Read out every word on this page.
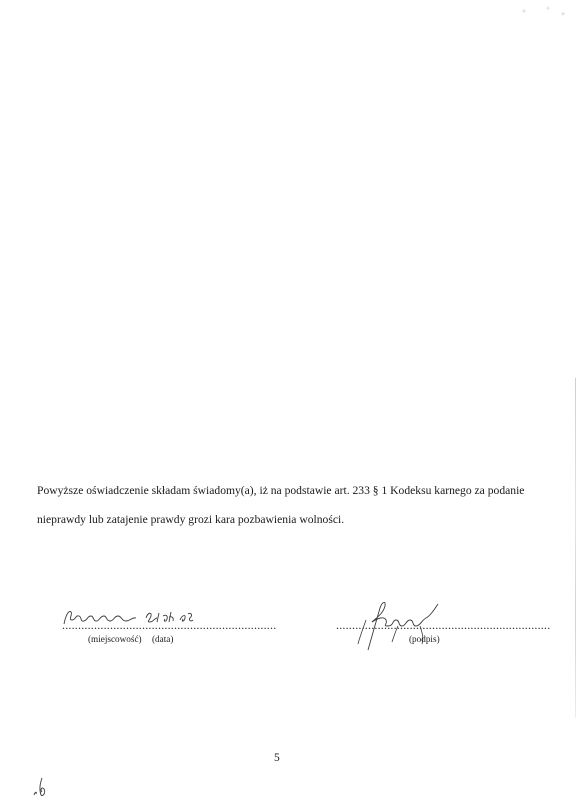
Powyższe oświadczenie składam świadomy(a), iż na podstawie art. 233 § 1 Kodeksu karnego za podanie
nieprawdy lub zatajenie prawdy grozi kara pozbawienia wolności.
...................................................................	...................................................................
(miejscowość) (data)	(podpis)
5
